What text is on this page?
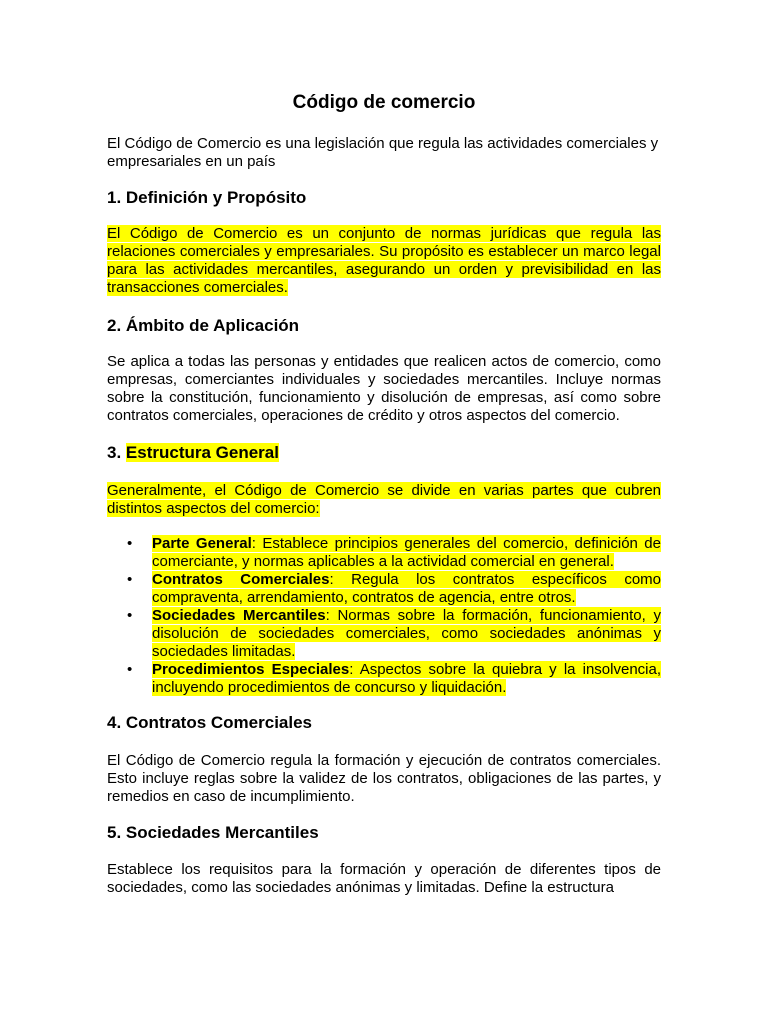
Código de comercio

El Código de Comercio es una legislación que regula las actividades comerciales y empresariales en un país

1. Definición y Propósito

El Código de Comercio es un conjunto de normas jurídicas que regula las relaciones comerciales y empresariales. Su propósito es establecer un marco legal para las actividades mercantiles, asegurando un orden y previsibilidad en las transacciones comerciales.

2. Ámbito de Aplicación

Se aplica a todas las personas y entidades que realicen actos de comercio, como empresas, comerciantes individuales y sociedades mercantiles. Incluye normas sobre la constitución, funcionamiento y disolución de empresas, así como sobre contratos comerciales, operaciones de crédito y otros aspectos del comercio.

3. Estructura General

Generalmente, el Código de Comercio se divide en varias partes que cubren distintos aspectos del comercio:

• Parte General: Establece principios generales del comercio, definición de comerciante, y normas aplicables a la actividad comercial en general.
• Contratos Comerciales: Regula los contratos específicos como compraventa, arrendamiento, contratos de agencia, entre otros.
• Sociedades Mercantiles: Normas sobre la formación, funcionamiento, y disolución de sociedades comerciales, como sociedades anónimas y sociedades limitadas.
• Procedimientos Especiales: Aspectos sobre la quiebra y la insolvencia, incluyendo procedimientos de concurso y liquidación.
4. Contratos Comerciales

El Código de Comercio regula la formación y ejecución de contratos comerciales. Esto incluye reglas sobre la validez de los contratos, obligaciones de las partes, y remedios en caso de incumplimiento.

5. Sociedades Mercantiles

Establece los requisitos para la formación y operación de diferentes tipos de sociedades, como las sociedades anónimas y limitadas. Define la estructura
